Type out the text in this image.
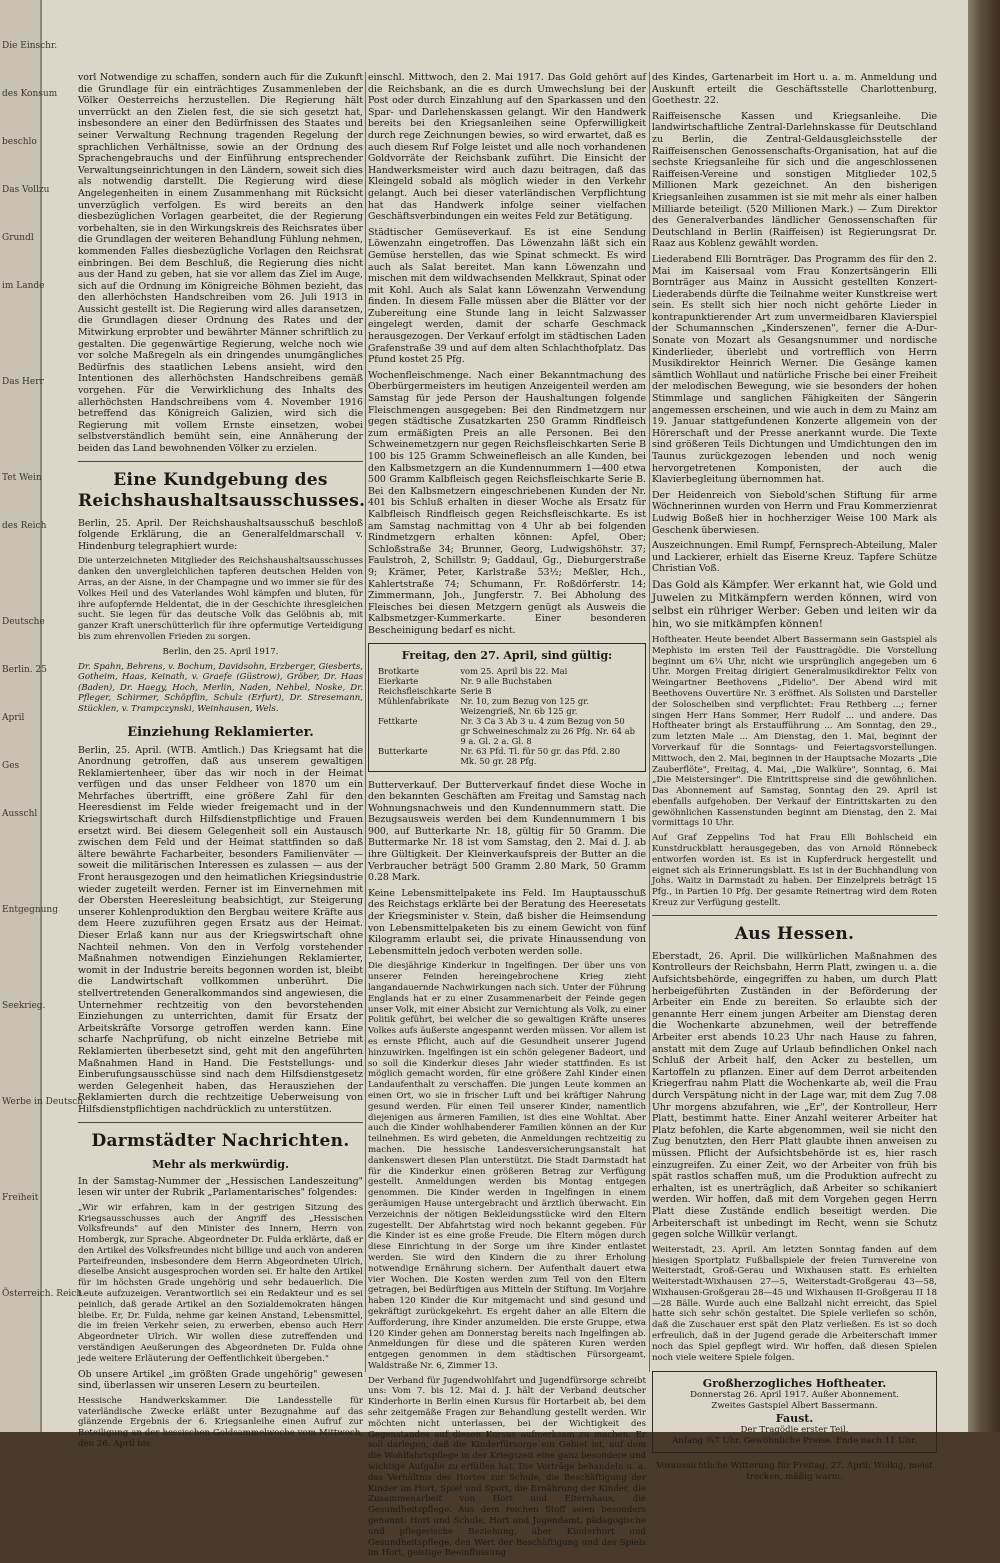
Die Einschr.
des Konsum
beschlo
Das Vollzu
Grundl
im Lande
Das Herr
Tet Wein
des Reich
Deutsche
Berlin. 25
April
Ges
Ausschl
Entgegnung
Seekrieg.
Werbe in Deutsch
Freiheit
Österreich. Reich

vorl Notwendige zu schaffen, sondern auch für die Zukunft die Grundlage für ein einträchtiges Zusammenleben der Völker Oesterreichs herzustellen. Die Regierung hält unverrückt an den Zielen fest, die sie sich gesetzt hat, insbesondere an einer den Bedürfnissen des Staates und seiner Verwaltung Rechnung tragenden Regelung der sprachlichen Verhältnisse, sowie an der Ordnung des Sprachengebrauchs und der Einführung entsprechender Verwaltungseinrichtungen in den Ländern, soweit sich dies als notwendig darstellt. Die Regierung wird diese Angelegenheiten in einem Zusammenhang mit Rücksicht unverzüglich verfolgen. Es wird bereits an den diesbezüglichen Vorlagen gearbeitet, die der Regierung vorbehalten, sie in den Wirkungskreis des Reichsrates über die Grundlagen der weiteren Behandlung Fühlung nehmen, kommenden Falles diesbezügliche Vorlagen den Reichsrat einbringen. Bei dem Beschluß, die Regierung dies nicht aus der Hand zu geben, hat sie vor allem das Ziel im Auge, sich auf die Ordnung im Königreiche Böhmen bezieht, das den allerhöchsten Handschreiben vom 26. Juli 1913 in Aussicht gestellt ist. Die Regierung wird alles daransetzen, die Grundlagen dieser Ordnung des Rates und der Mitwirkung erprobter und bewährter Männer schriftlich zu gestalten. Die gegenwärtige Regierung, welche noch wie vor solche Maßregeln als ein dringendes unumgängliches Bedürfnis des staatlichen Lebens ansieht, wird den Intentionen des allerhöchsten Handschreibens gemäß vorgehen. Für die Verwirklichung des Inhalts des allerhöchsten Handschreibens vom 4. November 1916 betreffend das Königreich Galizien, wird sich die Regierung mit vollem Ernste einsetzen, wobei selbstverständlich bemüht sein, eine Annäherung der beiden das Land bewohnenden Völker zu erzielen.

Eine Kundgebung des Reichshaushaltsausschusses.

Berlin, 25. April. Der Reichshaushaltsausschuß beschloß folgende Erklärung, die an Generalfeldmarschall v. Hindenburg telegraphiert wurde:

Die unterzeichneten Mitglieder des Reichshaushaltsausschusses danken den unvergleichlichen tapferen deutschen Helden von Arras, an der Aisne, in der Champagne und wo immer sie für des Volkes Heil und des Vaterlandes Wohl kämpfen und bluten, für ihre aufopfernde Heldentat, die in der Geschichte ihresgleichen sucht. Sie legen für das deutsche Volk das Gelöbnis ab, mit ganzer Kraft unerschütterlich für ihre opfermutige Verteidigung bis zum ehrenvollen Frieden zu sorgen.

Berlin, den 25. April 1917.

Dr. Spahn, Behrens, v. Bochum, Davidsohn, Erzberger, Giesberts, Gotheim, Haas, Keinath, v. Graefe (Güstrow), Gröber, Dr. Haas (Baden), Dr. Haegy, Hoch, Merlin, Naden, Nehbel, Noske, Dr. Pfleger, Schirmer, Schöpflin, Schulz (Erfurt), Dr. Stresemann, Stücklen, v. Trampczynski, Weinhausen, Wels.

Einziehung Reklamierter.

Berlin, 25. April. (WTB. Amtlich.) Das Kriegsamt hat die Anordnung getroffen, daß aus unserem gewaltigen Reklamiertenheer, über das wir noch in der Heimat verfügen und das unser Feldheer von 1870 um ein Mehrfaches übertrifft, eine größere Zahl für den Heeresdienst im Felde wieder freigemacht und in der Kriegswirtschaft durch Hilfsdienstpflichtige und Frauen ersetzt wird. Bei diesem Gelegenheit soll ein Austausch zwischen dem Feld und der Heimat stattfinden so daß ältere bewährte Facharbeiter, besonders Familienväter — soweit die militärischen Interessen es zulassen — aus der Front herausgezogen und den heimatlichen Kriegsindustrie wieder zugeteilt werden. Ferner ist im Einvernehmen mit der Obersten Heeresleitung beabsichtigt, zur Steigerung unserer Kohlenproduktion den Bergbau weitere Kräfte aus dem Heere zuzuführen gegen Ersatz aus der Heimat. Dieser Erlaß kann nur aus der Kriegswirtschaft ohne Nachteil nehmen. Von den in Verfolg vorstehender Maßnahmen notwendigen Einziehungen Reklamierter, womit in der Industrie bereits begonnen worden ist, bleibt die Landwirtschaft vollkommen unberührt. Die stellvertretenden Generalkommandos sind angewiesen, die Unternehmer rechtzeitig von den bevorstehenden Einziehungen zu unterrichten, damit für Ersatz der Arbeitskräfte Vorsorge getroffen werden kann. Eine scharfe Nachprüfung, ob nicht einzelne Betriebe mit Reklamierten überbesetzt sind, geht mit den angeführten Maßnahmen Hand in Hand. Die Feststellungs- und Einberufungsausschüsse sind nach dem Hilfsdienstgesetz werden Gelegenheit haben, das Herausziehen der Reklamierten durch die rechtzeitige Ueberweisung von Hilfsdienstpflichtigen nachdrücklich zu unterstützen.

Darmstädter Nachrichten.
Mehr als merkwürdig.

In der Samstag-Nummer der „Hessischen Landeszeitung" lesen wir unter der Rubrik „Parlamentarisches" folgendes:

„Wir wir erfahren, kam in der gestrigen Sitzung des Kriegsausschusses auch der Angriff des „Hessischen Volksfreunds" auf den Minister des Innern, Herrn von Hombergk, zur Sprache. Abgeordneter Dr. Fulda erklärte, daß er den Artikel des Volksfreundes nicht billige und auch von anderen Parteifreunden, insbesondere dem Herrn Abgeordneten Ulrich, dieselbe Ansicht ausgesprochen worden sei. Er halte den Artikel für im höchsten Grade ungehörig und sehr bedauerlich. Die Leute aufzuzeigen. Verantwortlich sei ein Redakteur und es sei peinlich, daß gerade Artikel an den Sozialdemokraten hängen bleibe. Er, Dr. Fulda, nehme gar keinen Anstand, Lebensmittel, die im freien Verkehr seien, zu erwerben, ebenso auch Herr Abgeordneter Ulrich. Wir wollen diese zutreffenden und verständigen Aeußerungen des Abgeordneten Dr. Fulda ohne jede weitere Erläuterung der Oeffentlichkeit übergeben."

Ob unsere Artikel „im größten Grade ungehörig" gewesen sind, überlassen wir unseren Lesern zu beurteilen.

Hessische Handwerkskammer. Die Landesstelle für vaterländische Zwecke erläßt unter Bezugnahme auf das glänzende Ergebnis der 6. Kriegsanleihe einen Aufruf zur Beteiligung an der hessischen Goldsammelwoche vom Mittwoch, den 26. April bis

einschl. Mittwoch, den 2. Mai 1917. Das Gold gehört auf die Reichsbank, an die es durch Umwechslung bei der Post oder durch Einzahlung auf den Sparkassen und den Spar- und Darlehenskassen gelangt. Wir den Handwerk bereits bei den Kriegsanleihen seine Opferwilligkeit durch rege Zeichnungen bewies, so wird erwartet, daß es auch diesem Ruf Folge leistet und alle noch vorhandenen Goldvorräte der Reichsbank zuführt. Die Einsicht der Handwerksmeister wird auch dazu beitragen, daß das Kleingeld sobald als möglich wieder in den Verkehr gelangt. Auch bei dieser vaterländischen Verpflichtung hat das Handwerk infolge seiner vielfachen Geschäftsverbindungen ein weites Feld zur Betätigung.

Städtischer Gemüseverkauf. Es ist eine Sendung Löwenzahn eingetroffen. Das Löwenzahn läßt sich ein Gemüse herstellen, das wie Spinat schmeckt. Es wird auch als Salat bereitet. Man kann Löwenzahn und mischen mit dem wildwachsenden Melkkraut, Spinat oder mit Kohl. Auch als Salat kann Löwenzahn Verwendung finden. In diesem Falle müssen aber die Blätter vor der Zubereitung eine Stunde lang in leicht Salzwasser eingelegt werden, damit der scharfe Geschmack herausgezogen. Der Verkauf erfolgt im städtischen Laden Grafenstraße 39 und auf dem alten Schlachthofplatz. Das Pfund kostet 25 Pfg.

Wochenfleischmenge. Nach einer Bekanntmachung des Oberbürgermeisters im heutigen Anzeigenteil werden am Samstag für jede Person der Haushaltungen folgende Fleischmengen ausgegeben: Bei den Rindmetzgern nur gegen städtische Zusatzkarten 250 Gramm Rindfleisch zum ermäßigten Preis an alle Personen. Bei den Schweinemetzgern nur gegen Reichsfleischkarten Serie B 100 bis 125 Gramm Schweinefleisch an alle Kunden, bei den Kalbsmetzgern an die Kundennummern 1—400 etwa 500 Gramm Kalbfleisch gegen Reichsfleischkarte Serie B. Bei den Kalbsmetzern eingeschriebenen Kunden der Nr. 401 bis Schluß erhalten in dieser Woche als Ersatz für Kalbfleisch Rindfleisch gegen Reichsfleischkarte. Es ist am Samstag nachmittag von 4 Uhr ab bei folgenden Rindmetzgern erhalten können: Apfel, Ober; Schloßstraße 34; Brunner, Georg, Ludwigshöhstr. 37; Faulstroh, 2, Schillstr. 9; Gaddaul, Gg., Dieburgerstraße 9; Krämer, Peter, Karlstraße 53½; Meßler, Hch., Kahlertstraße 74; Schumann, Fr. Roßdörferstr. 14; Zimmermann, Joh., Jungferstr. 7. Bei Abholung des Fleisches bei diesen Metzgern genügt als Ausweis die Kalbsmetzger-Kummerkarte. Einer besonderen Bescheinigung bedarf es nicht.

Freitag, den 27. April, sind gültig:
Brotkarte	vom 25. April bis 22. Mai
Eierkarte	Nr. 9 alle Buchstaben
Reichsfleischkarte	Serie B
Mühlenfabrikate	Nr. 10, zum Bezug von 125 gr. Weizengrieß, Nr. 6b 125 gr.
Fettkarte	Nr. 3 Ca 3 Ab 3 u. 4 zum Bezug von 50 gr Schweineschmalz zu 26 Pfg. Nr. 64 ab 9 a. Gl. 2 a. Gl. 8
Butterkarte	Nr. 63 Pfd. Tl. für 50 gr. das Pfd. 2.80 Mk. 50 gr. 28 Pfg.

Butterverkauf. Der Butterverkauf findet diese Woche in den bekannten Geschäften am Freitag und Samstag nach Wohnungsnachweis und den Kundennummern statt. Die Bezugsausweis werden bei dem Kundennummern 1 bis 900, auf Butterkarte Nr. 18, gültig für 50 Gramm. Die Buttermarke Nr. 18 ist vom Samstag, den 2. Mai d. J. ab ihre Gültigkeit. Der Kleinverkaufspreis der Butter an die Verbraucher beträgt 500 Gramm 2.80 Mark, 50 Gramm 0.28 Mark.

Keine Lebensmittelpakete ins Feld. Im Hauptausschuß des Reichstags erklärte bei der Beratung des Heeresetats der Kriegsminister v. Stein, daß bisher die Heimsendung von Lebensmittelpaketen bis zu einem Gewicht von fünf Kilogramm erlaubt sei, die private Hinaussendung von Lebensmitteln jedoch verboten werden solle.

Die diesjährige Kinderkur in Ingelfingen. Der über uns von unserer Feinden hereingebrochene Krieg zieht langandauernde Nachwirkungen nach sich. Unter der Führung Englands hat er zu einer Zusammenarbeit der Feinde gegen unser Volk, mit einer Absicht zur Vernichtung als Volk, zu einer Politik geführt, bei welcher die so gewaltigen Kräfte unseres Volkes aufs äußerste angespannt werden müssen. Vor allem ist es ernste Pflicht, auch auf die Gesundheit unserer Jugend hinzuwirken. Ingelfingen ist ein schön gelegener Badeort, und so soll die Kinderkur dieses Jahr wieder stattfinden. Es ist möglich gemacht worden, für eine größere Zahl Kinder einen Landaufenthalt zu verschaffen. Die jungen Leute kommen an einen Ort, wo sie in frischer Luft und bei kräftiger Nahrung gesund werden. Für einen Teil unserer Kinder, namentlich diejenigen aus ärmeren Familien, ist dies eine Wohltat. Aber auch die Kinder wohlhabenderer Familien können an der Kur teilnehmen. Es wird gebeten, die Anmeldungen rechtzeitig zu machen. Die hessische Landesversicherungsanstalt hat dankenswert diesen Plan unterstützt. Die Stadt Darmstadt hat für die Kinderkur einen größeren Betrag zur Verfügung gestellt. Anmeldungen werden bis Montag entgegen genommen. Die Kinder werden in Ingelfingen in einem geräumigen Hause untergebracht und ärztlich überwacht. Ein Verzeichnis der nötigen Bekleidungsstücke wird den Eltern zugestellt. Der Abfahrtstag wird noch bekannt gegeben. Für die Kinder ist es eine große Freude. Die Eltern mögen durch diese Einrichtung in der Sorge um ihre Kinder entlastet werden. Sie wird den Kindern die zu ihrer Erholung notwendige Ernährung sichern. Der Aufenthalt dauert etwa vier Wochen. Die Kosten werden zum Teil von den Eltern getragen, bei Bedürftigen aus Mitteln der Stiftung. Im Vorjahre haben 120 Kinder die Kur mitgemacht und sind gesund und gekräftigt zurückgekehrt. Es ergeht daher an alle Eltern die Aufforderung, ihre Kinder anzumelden. Die erste Gruppe, etwa 120 Kinder gehen am Donnerstag bereits nach Ingelfingen ab. Anmeldungen für diese und die späteren Kuren werden entgegen genommen in dem städtischen Fürsorgeamt, Waldstraße Nr. 6, Zimmer 13.

Der Verband für Jugendwohlfahrt und Jugendfürsorge schreibt uns: Vom 7. bis 12. Mai d. J. hält der Verband deutscher Kinderhorte in Berlin einen Kursus für Hortarbeit ab, bei dem sehr zeitgemäße Fragen zur Behandlung gestellt werden. Wir möchten nicht unterlassen, bei der Wichtigkeit des Gegenstandes auf diesen Kursus aufmerksam zu machen. Er soll darlegen, daß die Kinderfürsorge ein Gebiet ist, auf dem die Wohlfahrtspflege in der Kriegszeit eine ganz besondere und wichtige Aufgabe zu erfüllen hat. Die Vorträge behandeln u. a. das Verhältnis des Hortes zur Schule, die Beschäftigung der Kinder im Hort, Spiel und Sport, die Ernährung der Kinder, die Zusammenarbeit von Hort und Elternhaus, die Gesundheitspflege. Aus dem reichen Stoff seien besonders genannt: Hort und Schule, Hort und Jugendamt, pädagogische und pflegerische Beziehung, über Kinderhort und Gesundheitspflege, den Wert der Beschäftigung und des Spiels im Hort, geistige Beeinflussung

des Kindes, Gartenarbeit im Hort u. a. m. Anmeldung und Auskunft erteilt die Geschäftsstelle Charlottenburg, Goethestr. 22.

Raiffeisensche Kassen und Kriegsanleihe. Die landwirtschaftliche Zentral-Darlehnskasse für Deutschland zu Berlin, die Zentral-Geldausgleichsstelle der Raiffeisenschen Genossenschafts-Organisation, hat auf die sechste Kriegsanleihe für sich und die angeschlossenen Raiffeisen-Vereine und sonstigen Mitglieder 102,5 Millionen Mark gezeichnet. An den bisherigen Kriegsanleihen zusammen ist sie mit mehr als einer halben Milliarde beteiligt. (520 Millionen Mark.) — Zum Direktor des Generalverbandes ländlicher Genossenschaften für Deutschland in Berlin (Raiffeisen) ist Regierungsrat Dr. Raaz aus Koblenz gewählt worden.

Liederabend Elli Bornträger. Das Programm des für den 2. Mai im Kaisersaal vom Frau Konzertsängerin Elli Bornträger aus Mainz in Aussicht gestellten Konzert-Liederabends dürfte die Teilnahme weiter Kunstkreise wert sein. Es stellt sich hier noch nicht gehörte Lieder in kontrapunktierender Art zum unvermeidbaren Klavierspiel der Schumannschen „Kinderszenen", ferner die A-Dur-Sonate von Mozart als Gesangsnummer und nordische Kinderlieder, überlebt und vortrefflich von Herrn Musikdirektor Heinrich Werner. Die Gesänge kamen sämtlich Wohllaut und natürliche Frische bei einer Freiheit der melodischen Bewegung, wie sie besonders der hohen Stimmlage und sanglichen Fähigkeiten der Sängerin angemessen erscheinen, und wie auch in dem zu Mainz am 19. Januar stattgefundenen Konzerte allgemein von der Hörerschaft und der Presse anerkannt wurde. Die Texte sind größeren Teils Dichtungen und Umdichtungen den im Taunus zurückgezogen lebenden und noch wenig hervorgetretenen Komponisten, der auch die Klavierbegleitung übernommen hat.

Der Heidenreich von Siebold'schen Stiftung für arme Wöchnerinnen wurden von Herrn und Frau Kommerzienrat Ludwig Boßeß hier in hochherziger Weise 100 Mark als Geschenk überwiesen.

Auszeichnungen. Emil Rumpf, Fernsprech-Abteilung, Maler und Lackierer, erhielt das Eiserne Kreuz. Tapfere Schütze Christian Voß.

Das Gold als Kämpfer. Wer erkannt hat, wie Gold und Juwelen zu Mitkämpfern werden können, wird von selbst ein rühriger Werber: Geben und leiten wir da hin, wo sie mitkämpfen können!

Hoftheater. Heute beendet Albert Bassermann sein Gastspiel als Mephisto im ersten Teil der Fausttragödie. Die Vorstellung beginnt um 6¼ Uhr, nicht wie ursprünglich angegeben um 6 Uhr. Morgen Freitag dirigiert Generalmusikdirektor Felix von Weingartner Beethovens „Fidelio". Der Abend wird mit Beethovens Ouvertüre Nr. 3 eröffnet. Als Solisten und Darsteller der Soloscheiben sind verpflichtet: Frau Rethberg ...; ferner singen Herr Hans Sommer, Herr Rudolf ... und andere. Das Hoftheater bringt als Erstaufführung ... Am Sonntag, den 29., zum letzten Male ... Am Dienstag, den 1. Mai, beginnt der Vorverkauf für die Sonntags- und Feiertagsvorstellungen. Mittwoch, den 2. Mai, beginnen in der Hauptsache Mozarts „Die Zauberflöte", Freitag, 4. Mai, „Die Walküre", Sonntag, 6. Mai „Die Meistersinger". Die Eintrittspreise sind die gewöhnlichen. Das Abonnement auf Samstag, Sonntag den 29. April ist ebenfalls aufgehoben. Der Verkauf der Eintrittskarten zu den gewöhnlichen Kassenstunden beginnt am Dienstag, den 2. Mai vormittags 10 Uhr.

Auf Graf Zeppelins Tod hat Frau Elli Bohlscheid ein Kunstdruckblatt herausgegeben, das von Arnold Rönnebeck entworfen worden ist. Es ist in Kupferdruck hergestellt und eignet sich als Erinnerungsblatt. Es ist in der Buchhandlung von Johs. Waitz in Darmstadt zu haben. Der Einzelpreis beträgt 15 Pfg., in Partien 10 Pfg. Der gesamte Reinertrag wird dem Roten Kreuz zur Verfügung gestellt.

Aus Hessen.

Eberstadt, 26. April. Die willkürlichen Maßnahmen des Kontrolleurs der Reichsbahn, Herrn Platt, zwingen u. a. die Aufsichtsbehörde, eingegriffen zu haben, um durch Platt herbeigeführten Zuständen in der Beförderung der Arbeiter ein Ende zu bereiten. So erlaubte sich der genannte Herr einem jungen Arbeiter am Dienstag deren die Wochenkarte abzunehmen, weil der betreffende Arbeiter erst abends 10.23 Uhr nach Hause zu fahren, anstatt mit dem Zuge auf Urlaub befindlichen Onkel nach Schluß der Arbeit half, den Acker zu bestellen, um Kartoffeln zu pflanzen. Einer auf dem Derrot arbeitenden Kriegerfrau nahm Platt die Wochenkarte ab, weil die Frau durch Verspätung nicht in der Lage war, mit dem Zug 7.08 Uhr morgens abzufahren, wie „Er", der Kontrolleur, Herr Platt, bestimmt hatte. Einer Anzahl weiterer Arbeiter hat Platz befohlen, die Karte abgenommen, weil sie nicht den Zug benutzten, den Herr Platt glaubte ihnen anweisen zu müssen. Pflicht der Aufsichtsbehörde ist es, hier rasch einzugreifen. Zu einer Zeit, wo der Arbeiter von früh bis spät rastlos schaffen muß, um die Produktion aufrecht zu erhalten, ist es unerträglich, daß Arbeiter so schikaniert werden. Wir hoffen, daß mit dem Vorgehen gegen Herrn Platt diese Zustände endlich beseitigt werden. Die Arbeiterschaft ist unbedingt im Recht, wenn sie Schutz gegen solche Willkür verlangt.

Weiterstadt, 23. April. Am letzten Sonntag fanden auf dem hiesigen Sportplatz Fußballspiele der freien Turnvereine von Weiterstadt, Groß-Gerau und Wixhausen statt. Es erhielten Weiterstadt-Wixhausen 27—5, Weiterstadt-Großgerau 43—58, Wixhausen-Großgerau 28—45 und Wixhausen II-Großgerau II 18—28 Bälle. Wurde auch eine Ballzahl nicht erreicht, das Spiel hatte sich sehr schön gestaltet. Die Spiele verliefen so schön, daß die Zuschauer erst spät den Platz verließen. Es ist so doch erfreulich, daß in der Jugend gerade die Arbeiterschaft immer noch das Spiel gepflegt wird. Wir hoffen, daß diesen Spielen noch viele weitere Spiele folgen.

Großherzogliches Hoftheater.
Donnerstag 26. April 1917. Außer Abonnement.
Zweites Gastspiel Albert Bassermann.
Faust.
Der Tragödie erster Teil.
Anfang ¾7 Uhr. Gewöhnliche Preise. Ende nach 11 Uhr.
Voraussichtliche Witterung für Freitag, 27. April: Wolkig, meist trocken, mäßig warm.
